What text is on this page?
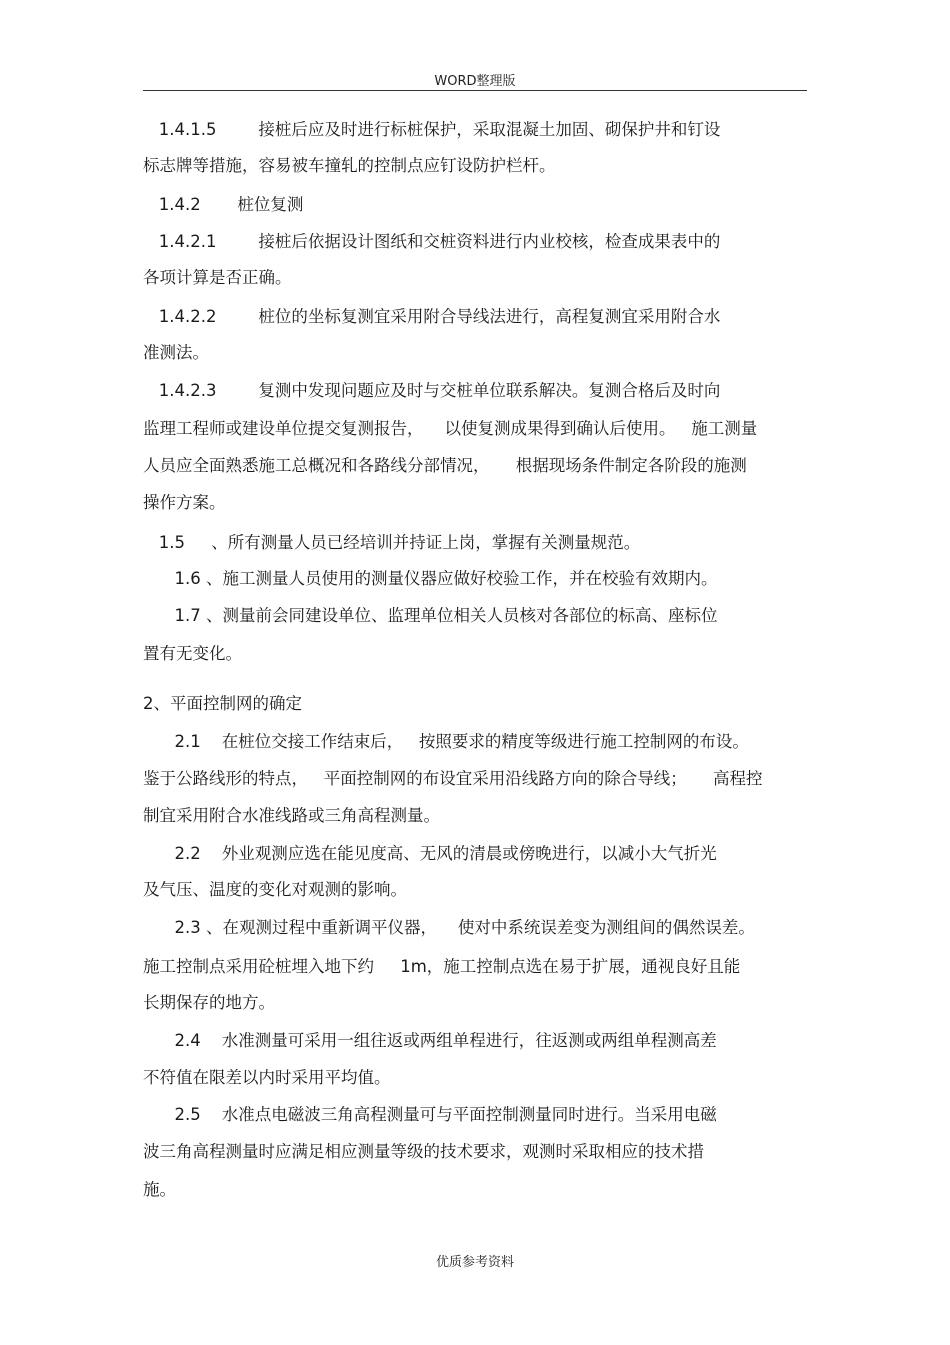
WORD整理版
1.4.1.5        接桩后应及时进行标桩保护，采取混凝土加固、砌保护井和钉设
标志牌等措施，容易被车撞轧的控制点应钉设防护栏杆。
1.4.2       桩位复测
1.4.2.1        接桩后依据设计图纸和交桩资料进行内业校核，检查成果表中的
各项计算是否正确。
1.4.2.2        桩位的坐标复测宜采用附合导线法进行，高程复测宜采用附合水
准测法。
1.4.2.3        复测中发现问题应及时与交桩单位联系解决。复测合格后及时向
监理工程师或建设单位提交复测报告，    以使复测成果得到确认后使用。   施工测量
人员应全面熟悉施工总概况和各路线分部情况，     根据现场条件制定各阶段的施测
操作方案。
1.5     、所有测量人员已经培训并持证上岗，掌握有关测量规范。
1.6 、施工测量人员使用的测量仪器应做好校验工作，并在校验有效期内。
1.7 、测量前会同建设单位、监理单位相关人员核对各部位的标高、座标位
置有无变化。
2、平面控制网的确定
2.1    在桩位交接工作结束后，   按照要求的精度等级进行施工控制网的布设。
鉴于公路线形的特点，   平面控制网的布设宜采用沿线路方向的除合导线；     高程控
制宜采用附合水准线路或三角高程测量。
2.2    外业观测应选在能见度高、无风的清晨或傍晚进行，以减小大气折光
及气压、温度的变化对观测的影响。
2.3 、在观测过程中重新调平仪器，    使对中系统误差变为测组间的偶然误差。
施工控制点采用砼桩埋入地下约     1m，施工控制点选在易于扩展，通视良好且能
长期保存的地方。
2.4    水准测量可采用一组往返或两组单程进行，往返测或两组单程测高差
不符值在限差以内时采用平均值。
2.5    水准点电磁波三角高程测量可与平面控制测量同时进行。当采用电磁
波三角高程测量时应满足相应测量等级的技术要求，观测时采取相应的技术措
施。
优质参考资料
